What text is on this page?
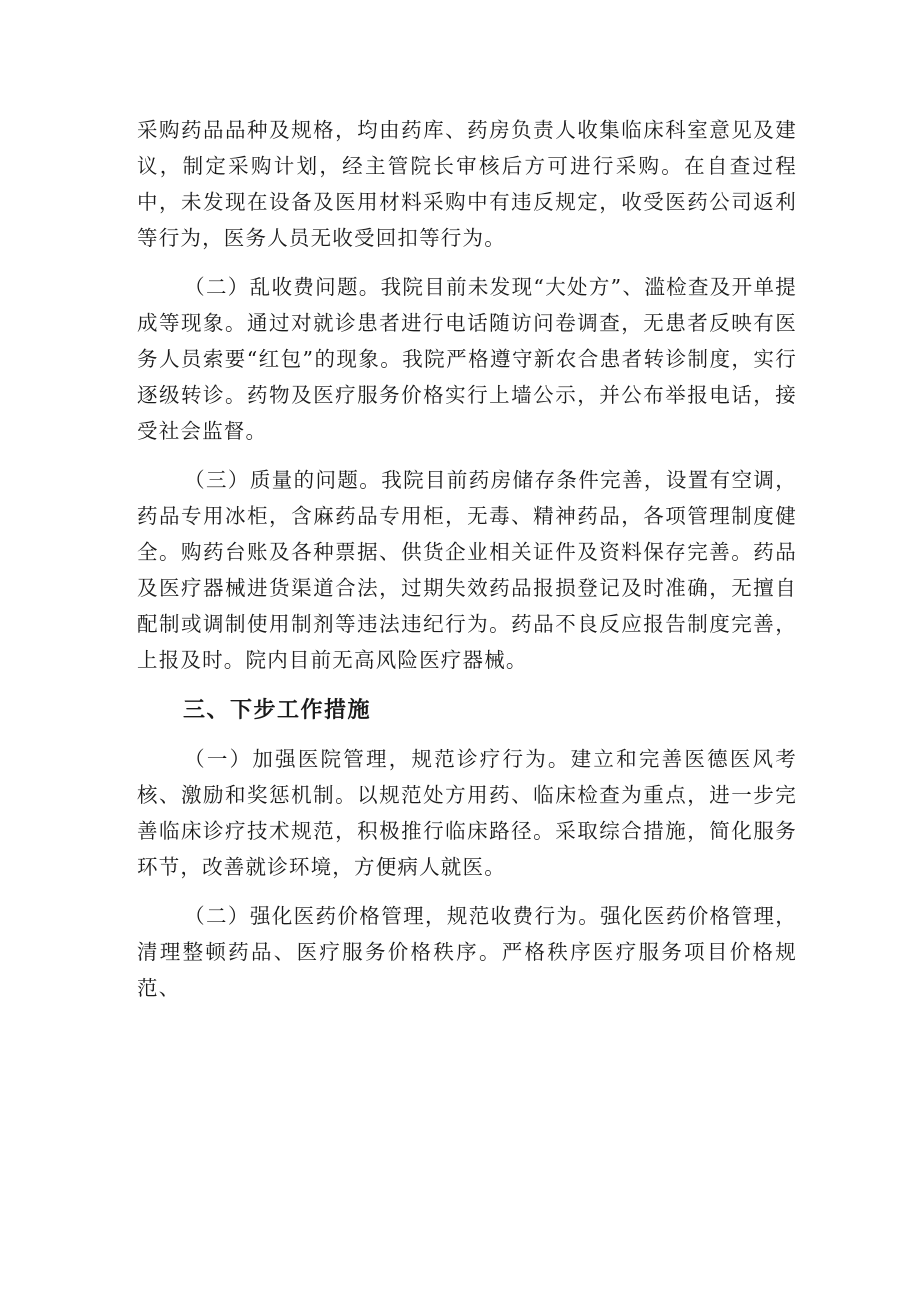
采购药品品种及规格，均由药库、药房负责人收集临床科室意见及建议，制定采购计划，经主管院长审核后方可进行采购。在自查过程中，未发现在设备及医用材料采购中有违反规定，收受医药公司返利等行为，医务人员无收受回扣等行为。

（二）乱收费问题。我院目前未发现“大处方”、滥检查及开单提成等现象。通过对就诊患者进行电话随访问卷调查，无患者反映有医务人员索要“红包”的现象。我院严格遵守新农合患者转诊制度，实行逐级转诊。药物及医疗服务价格实行上墙公示，并公布举报电话，接受社会监督。

（三）质量的问题。我院目前药房储存条件完善，设置有空调，药品专用冰柜，含麻药品专用柜，无毒、精神药品，各项管理制度健全。购药台账及各种票据、供货企业相关证件及资料保存完善。药品及医疗器械进货渠道合法，过期失效药品报损登记及时准确，无擅自配制或调制使用制剂等违法违纪行为。药品不良反应报告制度完善，上报及时。院内目前无高风险医疗器械。

三、下步工作措施

（一）加强医院管理，规范诊疗行为。建立和完善医德医风考核、激励和奖惩机制。以规范处方用药、临床检查为重点，进一步完善临床诊疗技术规范，积极推行临床路径。采取综合措施，简化服务环节，改善就诊环境，方便病人就医。

（二）强化医药价格管理，规范收费行为。强化医药价格管理，清理整顿药品、医疗服务价格秩序。严格秩序医疗服务项目价格规范、
